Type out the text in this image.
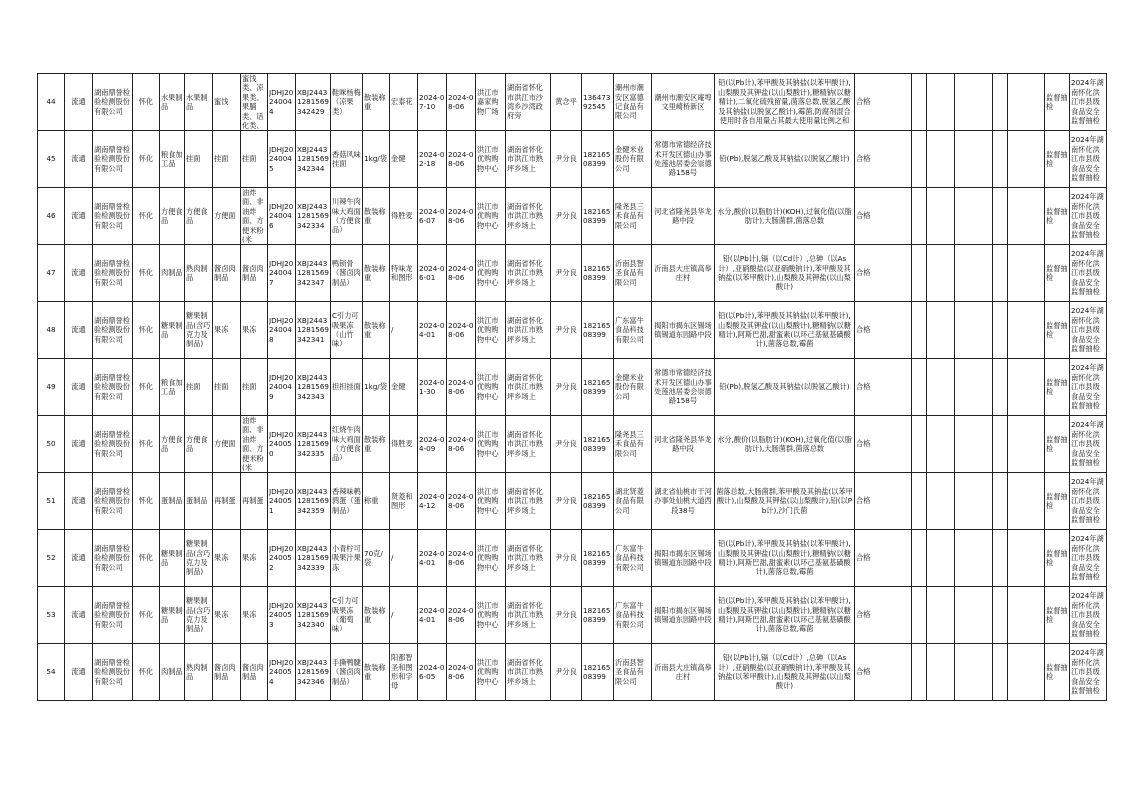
44	流通	湖南鼎誉检验检测股份有限公司	怀化	水果制品	水果制品	蜜饯	蜜饯类、凉果类、果脯类、话化类、	JDHJ20240044	XBJ24431281569342429	鞋咪杨梅（凉果类）	散装称重	宏泰花	2024-07-10	2024-08-06	洪江市嘉家购物广场	湖南省怀化市洪江市沙湾乡沙湾政府旁	黄念平	13647392545	潮州市潮安区富德记食品有限公司	潮州市潮安区庵埠文里崎桥新区	铅(以Pb计),苯甲酸及其钠盐(以苯甲酸计),山梨酸及其钾盐(以山梨酸计),糖精钠(以糖精计),二氧化硫残留量,菌落总数,脱氢乙酸及其钠盐(以脱氢乙酸计),霉菌,防腐剂混合使用时各自用量占其最大使用量比例之和	合格						监督抽检	2024年湖南怀化洪江市县级食品安全监督抽检

45	流通	湖南鼎誉检验检测股份有限公司	怀化	粮食加工品	挂面	挂面	挂面	JDHJ20240045	XBJ24431281569342344	香菇风味挂面	1kg/袋	金健	2024-02-18	2024-08-06	洪江市优购购物中心	湖南省怀化市洪江市熟坪乡场上	尹分良	18216508399	金健米业股份有限公司	常德市常德经济技术开发区德山办事处莲池居委会崇德路158号	铅(Pb),脱氢乙酸及其钠盐(以脱氢乙酸计)	合格						监督抽检	2024年湖南怀化洪江市县级食品安全监督抽检

46	流通	湖南鼎誉检验检测股份有限公司	怀化	方便食品	方便食品	方便面	油炸面、非油炸面、方便米粉(米	JDHJ20240046	XBJ24431281569342334	川辣牛肉味大鸡面（方便食品）	散装称重	得胜麦	2024-06-07	2024-08-06	洪江市优购购物中心	湖南省怀化市洪江市熟坪乡场上	尹分良	18216508399	隆尧县三禾食品有限公司	河北省隆尧县华龙路中段	水分,酸价(以脂肪计)(KOH),过氧化值(以脂肪计),大肠菌群,菌落总数	合格						监督抽检	2024年湖南怀化洪江市县级食品安全监督抽检

47	流通	湖南鼎誉检验检测股份有限公司	怀化	肉制品	熟肉制品	酱卤肉制品	酱卤肉制品	JDHJ20240047	XBJ24431281569342347	鸭锁骨（酱卤肉制品）	散装称重	特味龙和图形	2024-06-01	2024-08-06	洪江市优购购物中心	湖南省怀化市洪江市熟坪乡场上	尹分良	18216508399	沂南县智圣食品有限公司	沂南县大庄镇高皋庄村	铅(以Pb计),镉（以Cd计）,总砷（以As计）,亚硝酸盐(以亚硝酸钠计),苯甲酸及其钠盐(以苯甲酸计),山梨酸及其钾盐(以山梨酸计)	合格						监督抽检	2024年湖南怀化洪江市县级食品安全监督抽检

48	流通	湖南鼎誉检验检测股份有限公司	怀化	糖果制品	糖果制品(含巧克力及制品)	果冻	果冻	JDHJ20240048	XBJ24431281569342341	C引力可吸果冻（山竹味）	散装称重	/	2024-04-01	2024-08-06	洪江市优购购物中心	湖南省怀化市洪江市熟坪乡场上	尹分良	18216508399	广东富牛食品科技有限公司	揭阳市揭东区锡场镇锡道东园路中段	铅(以Pb计),苯甲酸及其钠盐(以苯甲酸计),山梨酸及其钾盐(以山梨酸计),糖精钠(以糖精计),阿斯巴甜,甜蜜素(以环己基氨基磺酸计),菌落总数,霉菌	合格						监督抽检	2024年湖南怀化洪江市县级食品安全监督抽检

49	流通	湖南鼎誉检验检测股份有限公司	怀化	粮食加工品	挂面	挂面	挂面	JDHJ20240049	XBJ24431281569342343	担担挂面	1kg/袋	金健	2024-01-30	2024-08-06	洪江市优购购物中心	湖南省怀化市洪江市熟坪乡场上	尹分良	18216508399	金健米业股份有限公司	常德市常德经济技术开发区德山办事处莲池居委会崇德路158号	铅(Pb),脱氢乙酸及其钠盐(以脱氢乙酸计)	合格						监督抽检	2024年湖南怀化洪江市县级食品安全监督抽检

50	流通	湖南鼎誉检验检测股份有限公司	怀化	方便食品	方便食品	方便面	油炸面、非油炸面、方便米粉(米	JDHJ20240050	XBJ24431281569342335	红烧牛肉味大鸡面（方便食品）	散装称重	得胜麦	2024-04-09	2024-08-06	洪江市优购购物中心	湖南省怀化市洪江市熟坪乡场上	尹分良	18216508399	隆尧县三禾食品有限公司	河北省隆尧县华龙路中段	水分,酸价(以脂肪计)(KOH),过氧化值(以脂肪计),大肠菌群,菌落总数	合格						监督抽检	2024年湖南怀化洪江市县级食品安全监督抽检

51	流通	湖南鼎誉检验检测股份有限公司	怀化	蛋制品	蛋制品	再制蛋	再制蛋	JDHJ20240051	XBJ24431281569342359	香辣味鹌鹑蛋（蛋制品）	称重	贤菱和图形	2024-04-12	2024-08-06	洪江市优购购物中心	湖南省怀化市洪江市熟坪乡场上	尹分良	18216508399	湖北贤菱食品有限公司	湖北省仙桃市干河办事处仙桃大道西段38号	菌落总数,大肠菌群,苯甲酸及其钠盐(以苯甲酸计),山梨酸及其钾盐(以山梨酸计),铅(以Pb计),沙门氏菌	合格						监督抽检	2024年湖南怀化洪江市县级食品安全监督抽检

52	流通	湖南鼎誉检验检测股份有限公司	怀化	糖果制品	糖果制品(含巧克力及制品)	果冻	果冻	JDHJ20240052	XBJ24431281569342339	小青柠可吸果汁果冻	70克/袋	/	2024-04-01	2024-08-06	洪江市优购购物中心	湖南省怀化市洪江市熟坪乡场上	尹分良	18216508399	广东富牛食品科技有限公司	揭阳市揭东区锡场镇锡道东园路中段	铅(以Pb计),苯甲酸及其钠盐(以苯甲酸计),山梨酸及其钾盐(以山梨酸计),糖精钠(以糖精计),阿斯巴甜,甜蜜素(以环己基氨基磺酸计),菌落总数,霉菌	合格						监督抽检	2024年湖南怀化洪江市县级食品安全监督抽检

53	流通	湖南鼎誉检验检测股份有限公司	怀化	糖果制品	糖果制品(含巧克力及制品)	果冻	果冻	JDHJ20240053	XBJ24431281569342340	C引力可吸果冻（葡萄味）	散装称重	/	2024-04-01	2024-08-06	洪江市优购购物中心	湖南省怀化市洪江市熟坪乡场上	尹分良	18216508399	广东富牛食品科技有限公司	揭阳市揭东区锡场镇锡道东园路中段	铅(以Pb计),苯甲酸及其钠盐(以苯甲酸计),山梨酸及其钾盐(以山梨酸计),糖精钠(以糖精计),阿斯巴甜,甜蜜素(以环己基氨基磺酸计),菌落总数,霉菌	合格						监督抽检	2024年湖南怀化洪江市县级食品安全监督抽检

54	流通	湖南鼎誉检验检测股份有限公司	怀化	肉制品	熟肉制品	酱卤肉制品	酱卤肉制品	JDHJ20240054	XBJ24431281569342346	手撕鸭腱（酱卤肉制品）	散装称重	阳都智圣和图形和字母	2024-06-05	2024-08-06	洪江市优购购物中心	湖南省怀化市洪江市熟坪乡场上	尹分良	18216508399	沂南县智圣食品有限公司	沂南县大庄镇高皋庄村	铅(以Pb计),镉（以Cd计）,总砷（以As计）,亚硝酸盐(以亚硝酸钠计),苯甲酸及其钠盐(以苯甲酸计),山梨酸及其钾盐(以山梨酸计)	合格						监督抽检	2024年湖南怀化洪江市县级食品安全监督抽检
